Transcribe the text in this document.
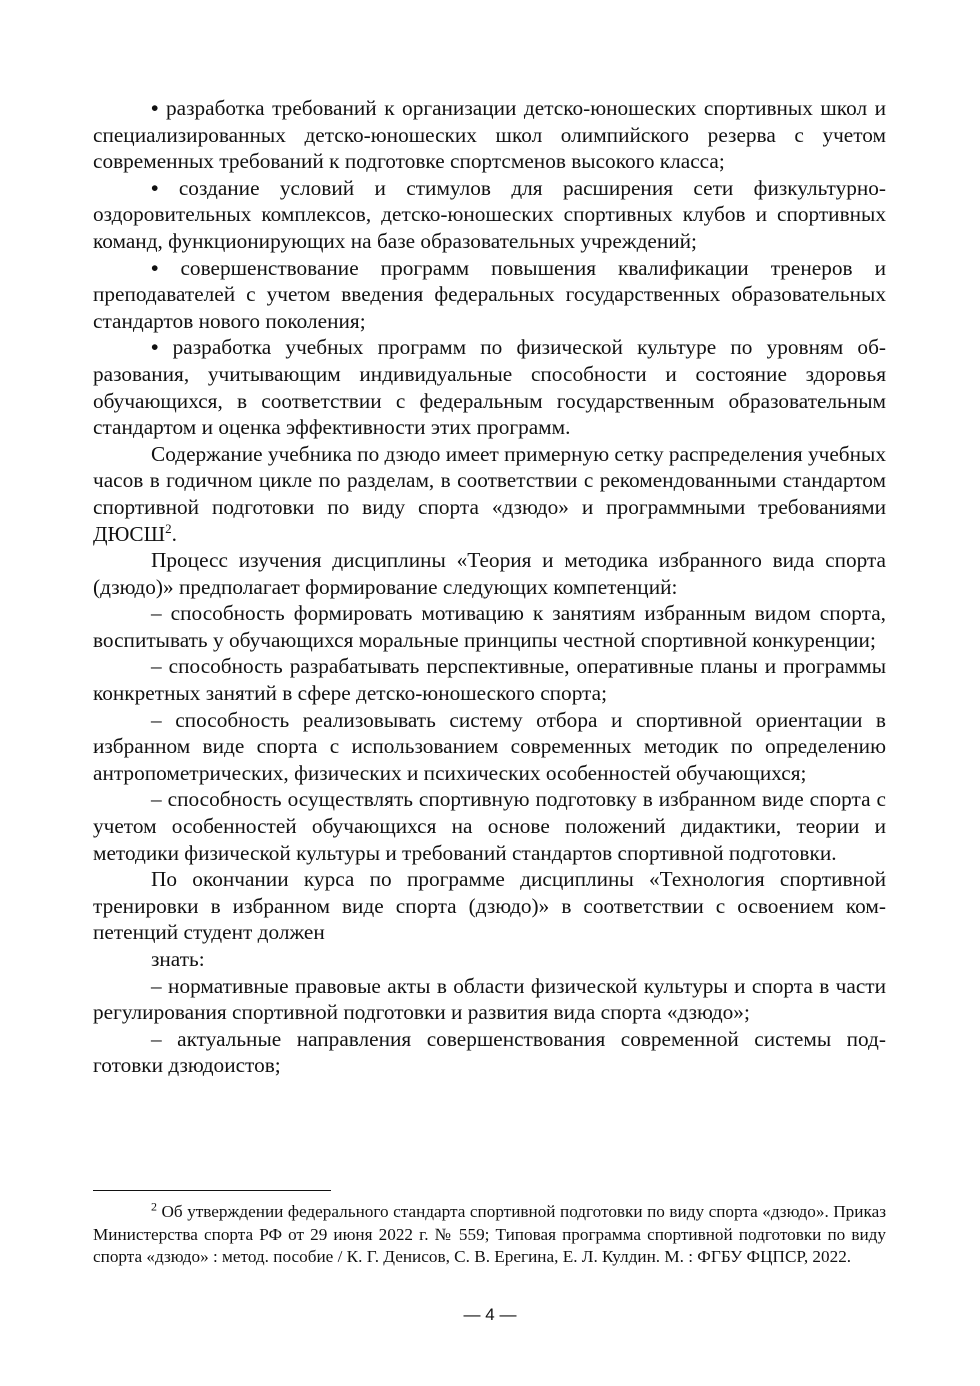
• разработка требований к организации детско-юношеских спортивных школ и специализированных детско-юношеских школ олимпийского резерва с учетом современных требований к подготовке спортсменов высокого класса;

• создание условий и стимулов для расширения сети физкультурно-оздоровительных комплексов, детско-юношеских спортивных клубов и спортивных команд, функционирующих на базе образовательных учреждений;

• совершенствование программ повышения квалификации тренеров и преподавателей с учетом введения федеральных государственных образовательных стандартов нового поколения;

• разработка учебных программ по физической культуре по уровням образования, учитывающим индивидуальные способности и состояние здоровья обучающихся, в соответствии с федеральным государственным образовательным стандартом и оценка эффективности этих программ.

Содержание учебника по дзюдо имеет примерную сетку распределения учебных часов в годичном цикле по разделам, в соответствии с рекомендованными стандартом спортивной подготовки по виду спорта «дзюдо» и программными требованиями ДЮСШ$^2$.

Процесс изучения дисциплины «Теория и методика избранного вида спорта (дзюдо)» предполагает формирование следующих компетенций:

– способность формировать мотивацию к занятиям избранным видом спорта, воспитывать у обучающихся моральные принципы честной спортивной конкуренции;

– способность разрабатывать перспективные, оперативные планы и программы конкретных занятий в сфере детско-юношеского спорта;

– способность реализовывать систему отбора и спортивной ориентации в избранном виде спорта с использованием современных методик по определению антропометрических, физических и психических особенностей обучающихся;

– способность осуществлять спортивную подготовку в избранном виде спорта с учетом особенностей обучающихся на основе положений дидактики, теории и методики физической культуры и требований стандартов спортивной подготовки.

По окончании курса по программе дисциплины «Технология спортивной тренировки в избранном виде спорта (дзюдо)» в соответствии с освоением компетенций студент должен

знать:

– нормативные правовые акты в области физической культуры и спорта в части регулирования спортивной подготовки и развития вида спорта «дзюдо»;

– актуальные направления совершенствования современной системы подготовки дзюдоистов;

$^2$ Об утверждении федерального стандарта спортивной подготовки по виду спорта «дзюдо». Приказ Министерства спорта РФ от 29 июня 2022 г. № 559; Типовая программа спортивной подготовки по виду спорта «дзюдо» : метод. пособие / К. Г. Денисов, С. В. Ерегина, Е. Л. Кулдин. М. : ФГБУ ФЦПСР, 2022.

— 4 —
